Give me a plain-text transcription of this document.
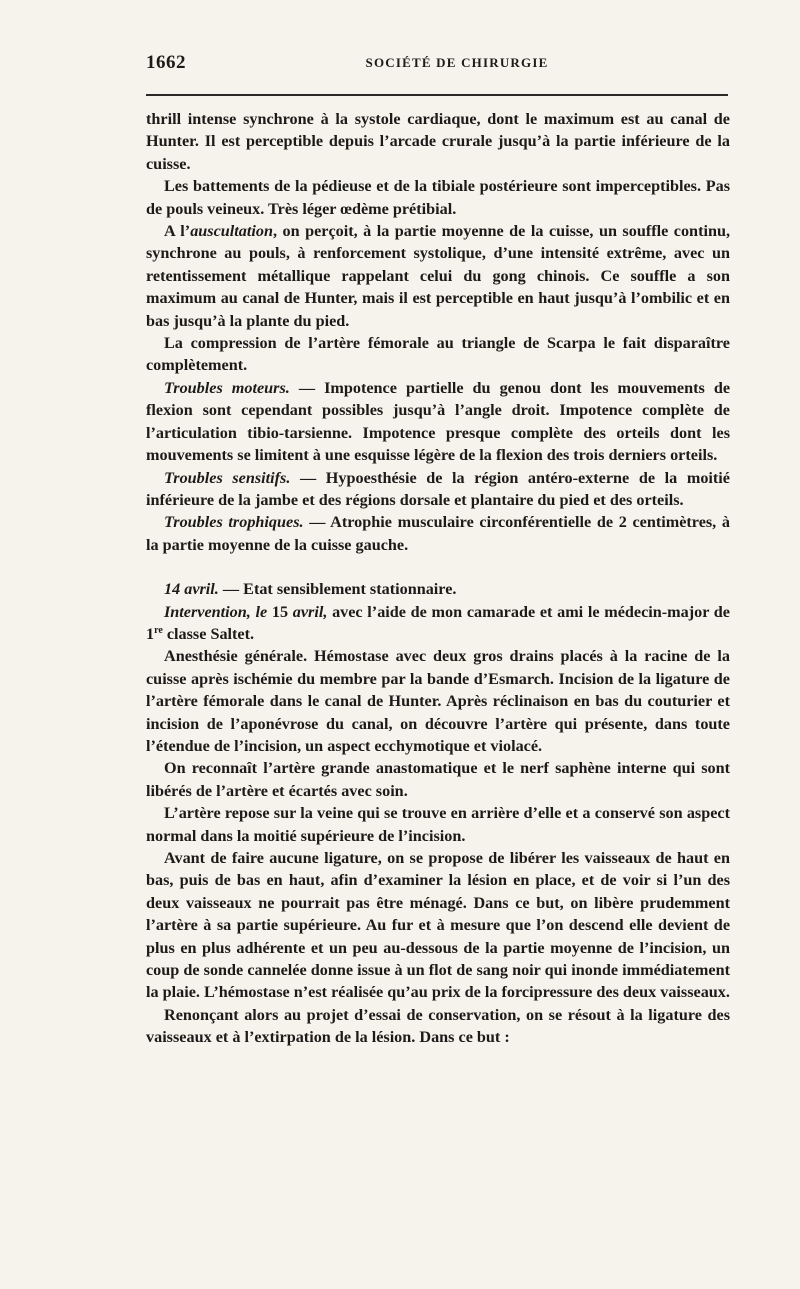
1662	SOCIÉTÉ DE CHIRURGIE

thrill intense synchrone à la systole cardiaque, dont le maximum est au canal de Hunter. Il est perceptible depuis l’arcade crurale jusqu’à la partie inférieure de la cuisse.

Les battements de la pédieuse et de la tibiale postérieure sont imperceptibles. Pas de pouls veineux. Très léger œdème prétibial.

A l’auscultation, on perçoit, à la partie moyenne de la cuisse, un souffle continu, synchrone au pouls, à renforcement systolique, d’une intensité extrême, avec un retentissement métallique rappelant celui du gong chinois. Ce souffle a son maximum au canal de Hunter, mais il est perceptible en haut jusqu’à l’ombilic et en bas jusqu’à la plante du pied.

La compression de l’artère fémorale au triangle de Scarpa le fait disparaître complètement.

Troubles moteurs. — Impotence partielle du genou dont les mouvements de flexion sont cependant possibles jusqu’à l’angle droit. Impotence complète de l’articulation tibio-tarsienne. Impotence presque complète des orteils dont les mouvements se limitent à une esquisse légère de la flexion des trois derniers orteils.

Troubles sensitifs. — Hypoesthésie de la région antéro-externe de la moitié inférieure de la jambe et des régions dorsale et plantaire du pied et des orteils.

Troubles trophiques. — Atrophie musculaire circonférentielle de 2 centimètres, à la partie moyenne de la cuisse gauche.

14 avril. — Etat sensiblement stationnaire.

Intervention, le 15 avril, avec l’aide de mon camarade et ami le médecin-major de 1re classe Saltet.

Anesthésie générale. Hémostase avec deux gros drains placés à la racine de la cuisse après ischémie du membre par la bande d’Esmarch. Incision de la ligature de l’artère fémorale dans le canal de Hunter. Après réclinaison en bas du couturier et incision de l’aponévrose du canal, on découvre l’artère qui présente, dans toute l’étendue de l’incision, un aspect ecchymotique et violacé.

On reconnaît l’artère grande anastomatique et le nerf saphène interne qui sont libérés de l’artère et écartés avec soin.

L’artère repose sur la veine qui se trouve en arrière d’elle et a conservé son aspect normal dans la moitié supérieure de l’incision.

Avant de faire aucune ligature, on se propose de libérer les vaisseaux de haut en bas, puis de bas en haut, afin d’examiner la lésion en place, et de voir si l’un des deux vaisseaux ne pourrait pas être ménagé. Dans ce but, on libère prudemment l’artère à sa partie supérieure. Au fur et à mesure que l’on descend elle devient de plus en plus adhérente et un peu au-dessous de la partie moyenne de l’incision, un coup de sonde cannelée donne issue à un flot de sang noir qui inonde immédiatement la plaie. L’hémostase n’est réalisée qu’au prix de la forcipressure des deux vaisseaux.

Renonçant alors au projet d’essai de conservation, on se résout à la ligature des vaisseaux et à l’extirpation de la lésion. Dans ce but :
